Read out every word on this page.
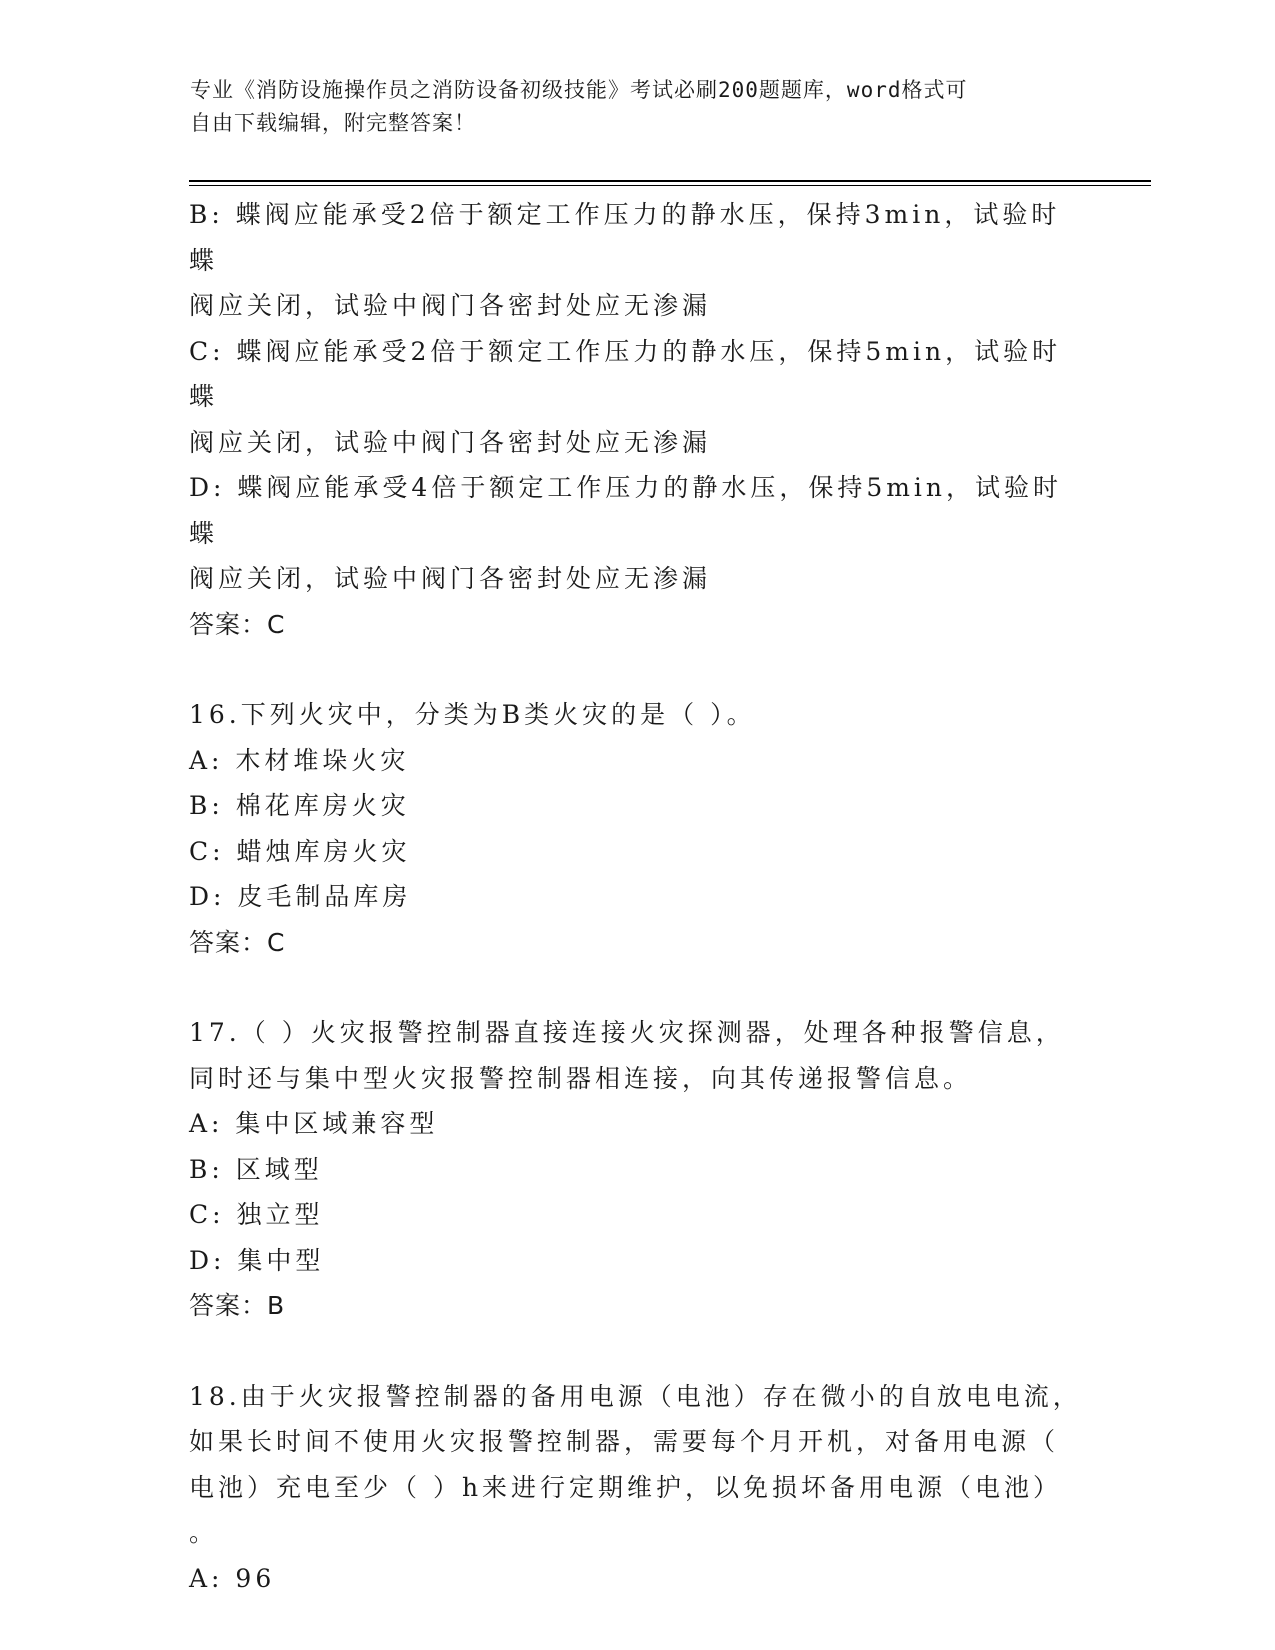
专业《消防设施操作员之消防设备初级技能》考试必刷200题题库，word格式可
自由下载编辑，附完整答案！

B: 蝶阀应能承受2倍于额定工作压力的静水压，保持3min，试验时蝶

阀应关闭，试验中阀门各密封处应无渗漏

C: 蝶阀应能承受2倍于额定工作压力的静水压，保持5min，试验时蝶

阀应关闭，试验中阀门各密封处应无渗漏

D: 蝶阀应能承受4倍于额定工作压力的静水压，保持5min，试验时蝶

阀应关闭，试验中阀门各密封处应无渗漏

答案：C

16.下列火灾中，分类为B类火灾的是（ ）。

A: 木材堆垛火灾

B: 棉花库房火灾

C: 蜡烛库房火灾

D: 皮毛制品库房

答案：C

17.（ ）火灾报警控制器直接连接火灾探测器，处理各种报警信息，

同时还与集中型火灾报警控制器相连接，向其传递报警信息。

A: 集中区域兼容型

B: 区域型

C: 独立型

D: 集中型

答案：B

18.由于火灾报警控制器的备用电源（电池）存在微小的自放电电流，

如果长时间不使用火灾报警控制器，需要每个月开机，对备用电源（

电池）充电至少（ ）h来进行定期维护，以免损坏备用电源（电池）

。

A: 96
